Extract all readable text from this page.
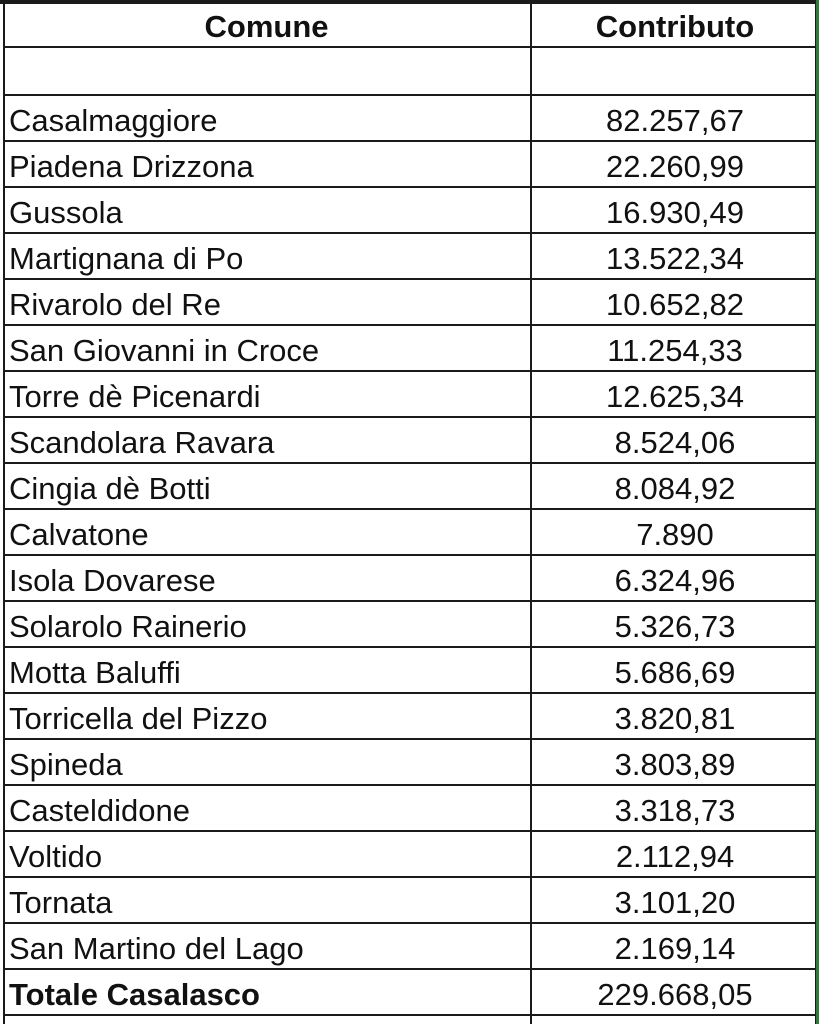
Comune	Contributo
Casalmaggiore	82.257,67
Piadena Drizzona	22.260,99
Gussola	16.930,49
Martignana di Po	13.522,34
Rivarolo del Re	10.652,82
San Giovanni in Croce	11.254,33
Torre dè Picenardi	12.625,34
Scandolara Ravara	8.524,06
Cingia dè Botti	8.084,92
Calvatone	7.890
Isola Dovarese	6.324,96
Solarolo Rainerio	5.326,73
Motta Baluffi	5.686,69
Torricella del Pizzo	3.820,81
Spineda	3.803,89
Casteldidone	3.318,73
Voltido	2.112,94
Tornata	3.101,20
San Martino del Lago	2.169,14
Totale Casalasco	229.668,05
